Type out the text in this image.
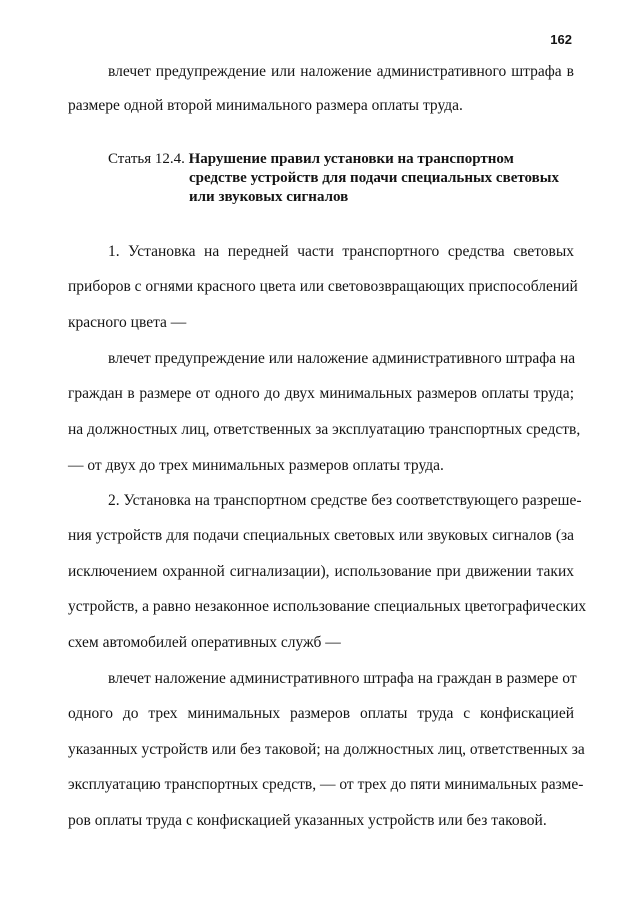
162
влечет предупреждение или наложение административного штрафа в
размере одной второй минимального размера оплаты труда.
Статья 12.4. Нарушение правил установки на транспортном
средстве устройств для подачи специальных световых
или звуковых сигналов
1. Установка на передней части транспортного средства световых
приборов с огнями красного цвета или световозвращающих приспособлений
красного цвета —
влечет предупреждение или наложение административного штрафа на
граждан в размере от одного до двух минимальных размеров оплаты труда;
на должностных лиц, ответственных за эксплуатацию транспортных средств,
— от двух до трех минимальных размеров оплаты труда.
2. Установка на транспортном средстве без соответствующего разреше-
ния устройств для подачи специальных световых или звуковых сигналов (за
исключением охранной сигнализации), использование при движении таких
устройств, а равно незаконное использование специальных цветографических
схем автомобилей оперативных служб —
влечет наложение административного штрафа на граждан в размере от
одного до трех минимальных размеров оплаты труда с конфискацией
указанных устройств или без таковой; на должностных лиц, ответственных за
эксплуатацию транспортных средств, — от трех до пяти минимальных разме-
ров оплаты труда с конфискацией указанных устройств или без таковой.
